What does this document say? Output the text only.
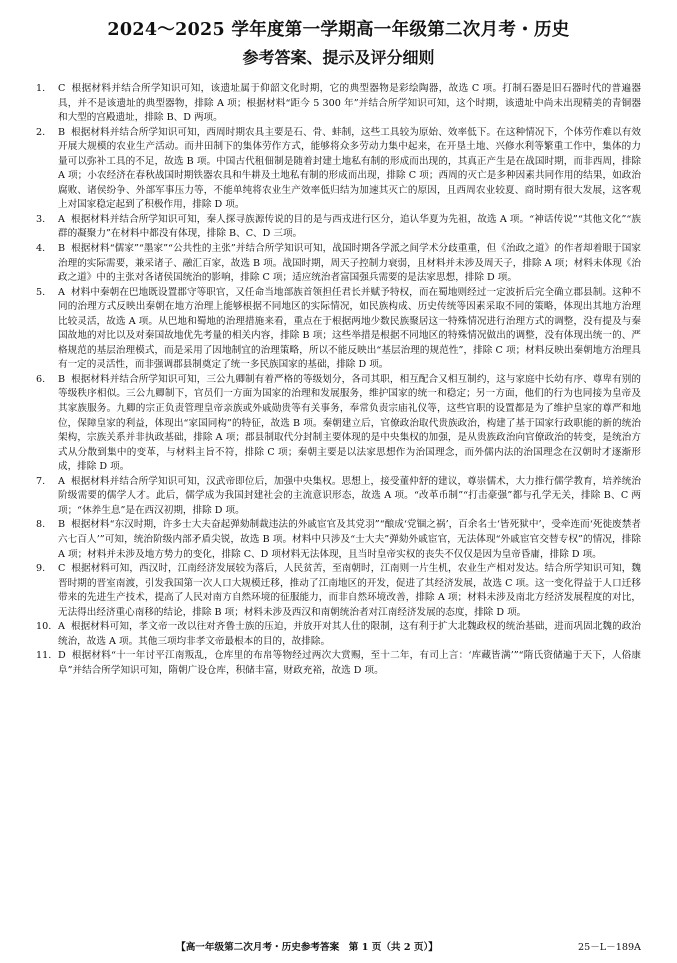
2024～2025 学年度第一学期高一年级第二次月考・历史
参考答案、提示及评分细则
1.	C 根据材料并结合所学知识可知，该遗址属于仰韶文化时期，它的典型器物是彩绘陶器，故选 C 项。打制石器是旧石器时代的普遍器具，并不是该遗址的典型器物，排除 A 项；根据材料“距今 5 300 年”并结合所学知识可知，这个时期，该遗址中尚未出现精美的青铜器和大型的宫殿遗址，排除 B、D 两项。
2.	B 根据材料并结合所学知识可知，西周时期农具主要是石、骨、蚌制，这些工具较为原始、效率低下。在这种情况下，个体劳作难以有效开展大规模的农业生产活动。而井田制下的集体劳作方式，能够将众多劳动力集中起来，在开垦土地、兴修水利等繁重工作中，集体的力量可以弥补工具的不足，故选 B 项。中国古代租佃制是随着封建土地私有制的形成而出现的，其真正产生是在战国时期，而非西周，排除 A 项；小农经济在春秋战国时期铁器农具和牛耕及土地私有制的形成而出现，排除 C 项；西周的灭亡是多种因素共同作用的结果，如政治腐败、诸侯纷争、外部军事压力等，不能单纯将农业生产效率低归结为加速其灭亡的原因，且西周农业较夏、商时期有很大发展，这客观上对国家稳定起到了积极作用，排除 D 项。
3.	A 根据材料并结合所学知识可知，秦人探寻族源传说的目的是与西戎进行区分，追认华夏为先祖，故选 A 项。“神话传说”“其他文化”“族群的凝聚力”在材料中都没有体现，排除 B、C、D 三项。
4.	B 根据材料“儒家”“墨家”“公共性的主张”并结合所学知识可知，战国时期各学派之间学术分歧重重，但《治政之道》的作者却着眼于国家治理的实际需要，兼采诸子、融汇百家，故选 B 项。战国时期，周天子控制力衰弱，且材料并未涉及周天子，排除 A 项；材料未体现《治政之道》中的主张对各诸侯国统治的影响，排除 C 项；适应统治者富国强兵需要的是法家思想，排除 D 项。
5.	A 材料中秦朝在巴地既设置郡守等职官，又任命当地部族首领担任君长并赋予特权，而在蜀地则经过一定波折后完全确立郡县制。这种不同的治理方式反映出秦朝在地方治理上能够根据不同地区的实际情况，如民族构成、历史传统等因素采取不同的策略，体现出其地方治理比较灵活，故选 A 项。从巴地和蜀地的治理措施来看，重点在于根据两地少数民族聚居这一特殊情况进行治理方式的调整，没有提及与秦国故地的对比以及对秦国故地优先考量的相关内容，排除 B 项；这些举措是根据不同地区的特殊情况做出的调整，没有体现出统一的、严格规范的基层治理模式，而是采用了因地制宜的治理策略，所以不能反映出“基层治理的规范性”，排除 C 项；材料反映出秦朝地方治理具有一定的灵活性，而非强调郡县制奠定了统一多民族国家的基础，排除 D 项。
6.	B 根据材料并结合所学知识可知，三公九卿制有着严格的等级划分，各司其职，相互配合又相互制约，这与家庭中长幼有序、尊卑有别的等级秩序相似。三公九卿制下，官员们一方面为国家的治理和发展服务，维护国家的统一和稳定；另一方面，他们的行为也同接为皇帝及其家族服务。九卿的宗正负责管理皇帝亲族或外戚勋贵等有关事务，奉常负责宗庙礼仪等，这些官职的设置都是为了维护皇家的尊严和地位，保障皇家的利益，体现出“家国同构”的特征，故选 B 项。秦朝建立后，官僚政治取代贵族政治，构建了基于国家行政职能的新的统治架构，宗族关系并非执政基础，排除 A 项；郡县制取代分封制主要体现的是中央集权的加强，是从贵族政治向官僚政治的转变，是统治方式从分散到集中的变革，与材料主旨不符，排除 C 项；秦朝主要是以法家思想作为治国理念，而外儒内法的治国理念在汉朝时才逐渐形成，排除 D 项。
7.	A 根据材料并结合所学知识可知，汉武帝即位后，加强中央集权。思想上，接受董仲舒的建议，尊崇儒术，大力推行儒学教育，培养统治阶级需要的儒学人才。此后，儒学成为我国封建社会的主流意识形态，故选 A 项。“改革币制”“打击豪强”都与孔学无关，排除 B、C 两项；“休养生息”是在西汉初期，排除 D 项。
8.	B 根据材料“东汉时期，许多士大夫奋起弹劾制裁违法的外戚宦官及其党羽”“酿成‘党锢之祸’，百余名士‘皆死狱中’，受牵连而‘死徙废禁者六七百人’”可知，统治阶级内部矛盾尖锐，故选 B 项。材料中只涉及“士大夫”弹劾外戚宦官，无法体现“外戚宦官交替专权”的情况，排除 A 项；材料并未涉及地方势力的变化，排除 C、D 项材料无法体现，且当时皇帝实权的丧失不仅仅是因为皇帝昏庸，排除 D 项。
9.	C 根据材料可知，西汉时，江南经济发展较为落后，人民贫苦，至南朝时，江南则一片生机，农业生产相对发达。结合所学知识可知，魏晋时期的晋室南渡，引发我国第一次人口大规模迁移，推动了江南地区的开发，促进了其经济发展，故选 C 项。这一变化得益于人口迁移带来的先进生产技术，提高了人民对南方自然环境的征服能力，而非自然环境改善，排除 A 项；材料未涉及南北方经济发展程度的对比，无法得出经济重心南移的结论，排除 B 项；材料未涉及西汉和南朝统治者对江南经济发展的态度，排除 D 项。
10. A 根据材料可知，孝文帝一改以往对齐鲁士族的压迫，并放开对其人仕的限制，这有利于扩大北魏政权的统治基础，进而巩固北魏的政治统治，故选 A 项。其他三项均非孝文帝最根本的目的，故排除。
11. D 根据材料“十一年讨平江南叛乱，仓库里的布帛等物经过两次大赏赐，至十二年，有司上言：‘库藏皆满’”“隋氏资储遍于天下，人俗康阜”并结合所学知识可知，隋朝广设仓库，积储丰富，财政充裕，故选 D 项。
【高一年级第二次月考・历史参考答案　第 1 页（共 2 页）】	25－L－189A
